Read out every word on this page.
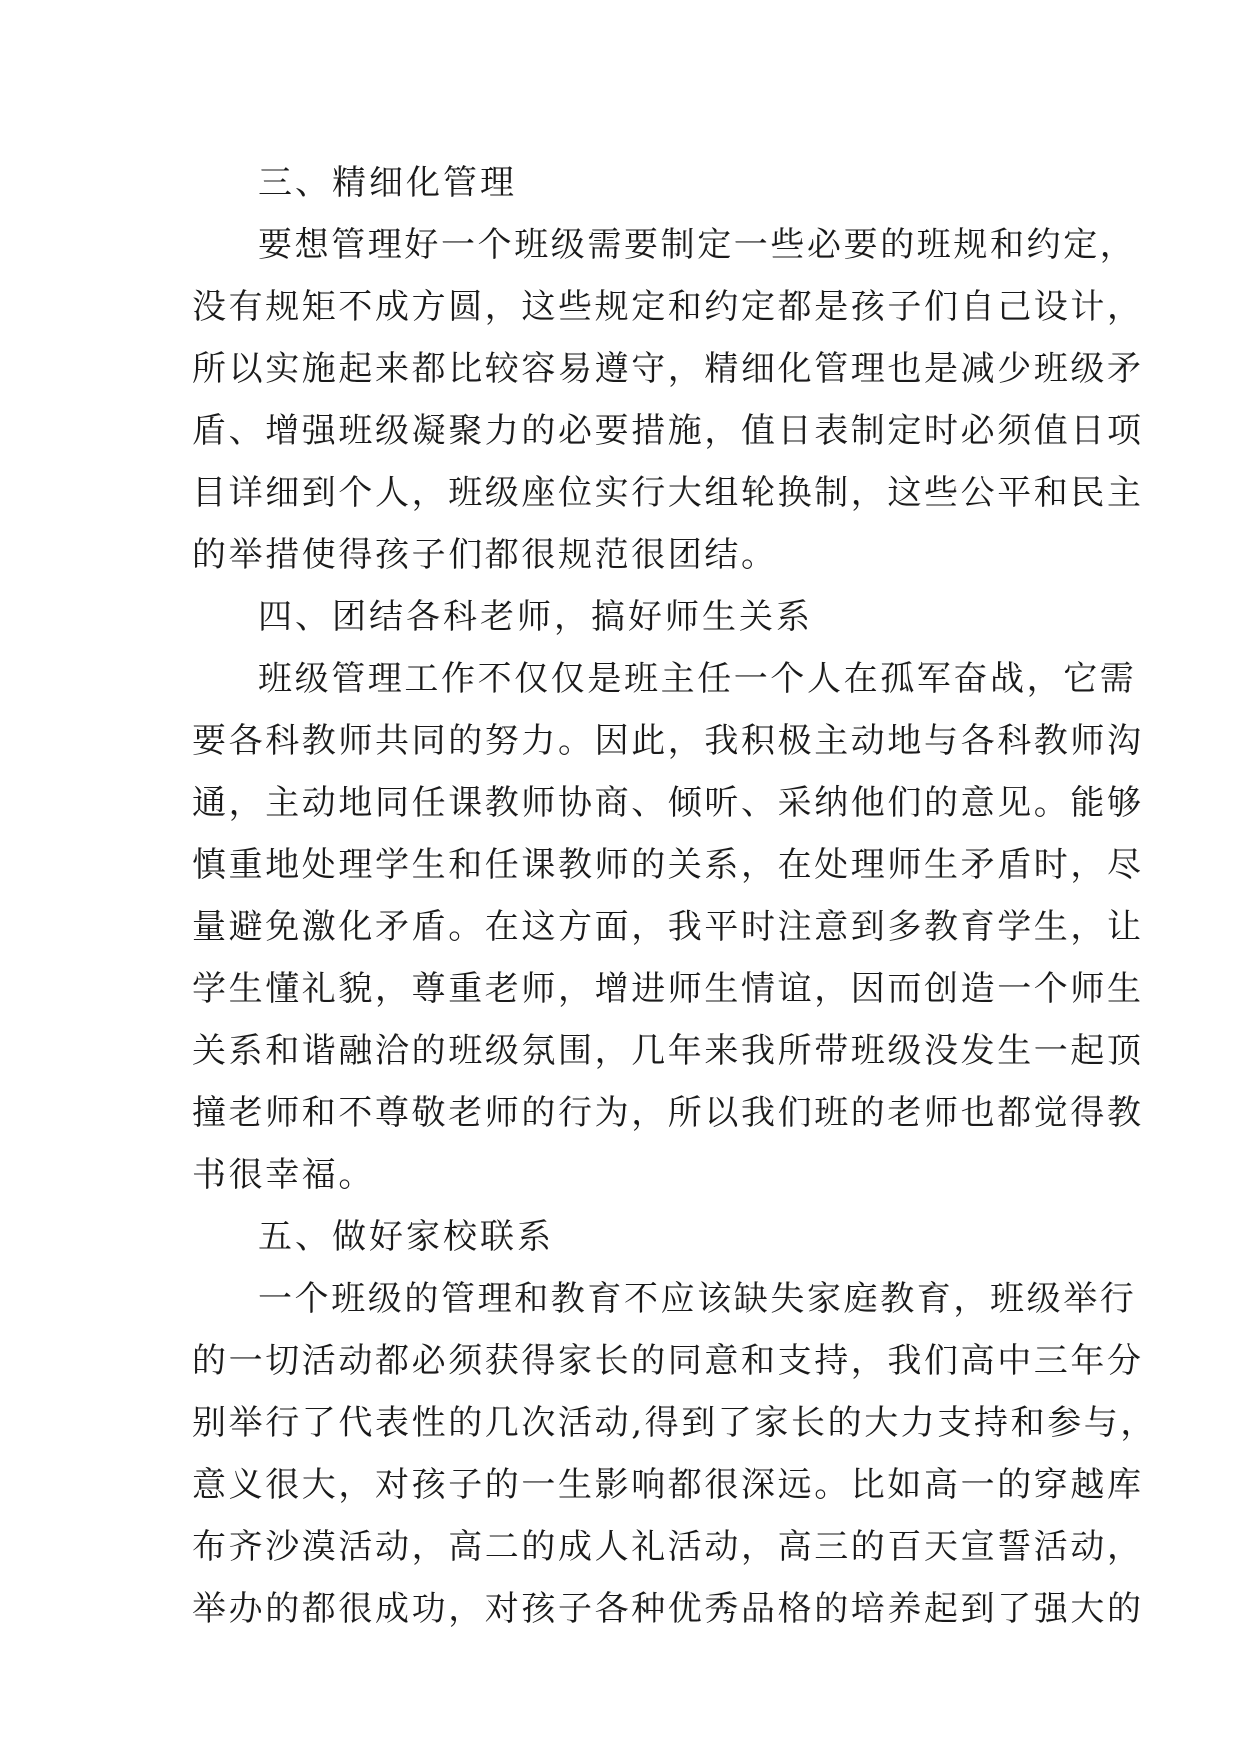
三、精细化管理
要想管理好一个班级需要制定一些必要的班规和约定，
没有规矩不成方圆，这些规定和约定都是孩子们自己设计，
所以实施起来都比较容易遵守，精细化管理也是减少班级矛
盾、增强班级凝聚力的必要措施，值日表制定时必须值日项
目详细到个人，班级座位实行大组轮换制，这些公平和民主
的举措使得孩子们都很规范很团结。
四、团结各科老师，搞好师生关系
班级管理工作不仅仅是班主任一个人在孤军奋战，它需
要各科教师共同的努力。因此，我积极主动地与各科教师沟
通，主动地同任课教师协商、倾听、采纳他们的意见。能够
慎重地处理学生和任课教师的关系，在处理师生矛盾时，尽
量避免激化矛盾。在这方面，我平时注意到多教育学生，让
学生懂礼貌，尊重老师，增进师生情谊，因而创造一个师生
关系和谐融洽的班级氛围，几年来我所带班级没发生一起顶
撞老师和不尊敬老师的行为，所以我们班的老师也都觉得教
书很幸福。
五、做好家校联系
一个班级的管理和教育不应该缺失家庭教育，班级举行
的一切活动都必须获得家长的同意和支持，我们高中三年分
别举行了代表性的几次活动,得到了家长的大力支持和参与，
意义很大，对孩子的一生影响都很深远。比如高一的穿越库
布齐沙漠活动，高二的成人礼活动，高三的百天宣誓活动，
举办的都很成功，对孩子各种优秀品格的培养起到了强大的
